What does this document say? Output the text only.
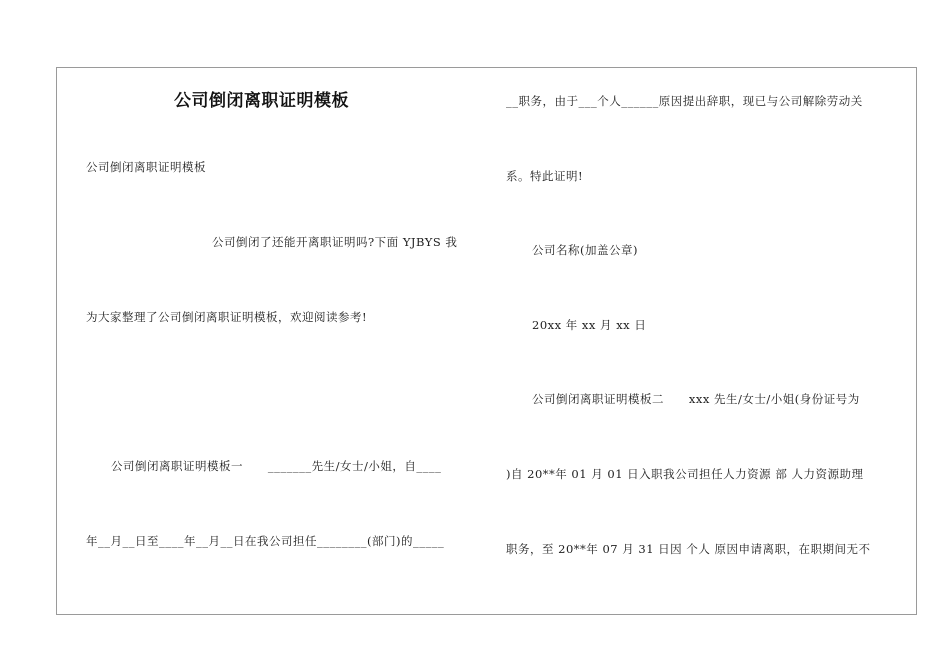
公司倒闭离职证明模板
公司倒闭离职证明模板
公司倒闭了还能开离职证明吗?下面 YJBYS 我
为大家整理了公司倒闭离职证明模板，欢迎阅读参考!
公司倒闭离职证明模板一      _______先生/女士/小姐，自____
年__月__日至____年__月__日在我公司担任________(部门)的_____
__职务，由于___个人______原因提出辞职，现已与公司解除劳动关
系。特此证明!
公司名称(加盖公章)
20xx 年 xx 月 xx 日
公司倒闭离职证明模板二      xxx 先生/女士/小姐(身份证号为
)自 20**年 01 月 01 日入职我公司担任人力资源 部 人力资源助理
职务，至 20**年 07 月 31 日因 个人 原因申请离职，在职期间无不
